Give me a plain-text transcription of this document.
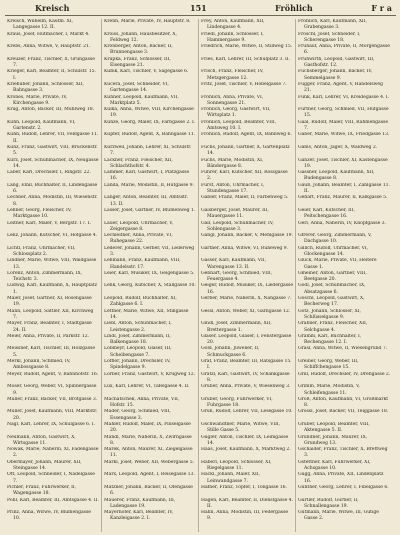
Kreisch	151	Fröhlich	F r a
Kreisch, Wilhelm, Kaufm. XI, Langegasse 12. II.
Kraus, Josef, Hutmacher, I, Markt 4.
Krebs, Anna, Witwe, V, Hauptstr. 21.
Kreuzer, Franz, Tischler, X, Grüngasse 7.
Krieger, Karl, Beamter, II, Schulstr. 15. I.
Kriehuber, Johann, Schlosser, XII, Bahngasse 3.
Krones, Marie, Private, IV, Kirchengasse 9.
Krug, Anton, Bäcker, III, Mühlweg 18.
Kühn, Leopold, Kaufmann, VI, Gartenstr. 2.
Kuhn, Rudolf, Lehrer, VII, Feldgasse 11. II.
Kunz, Franz, Gastwirt, VIII, Brückenstr. 5.
Kurz, Josef, Schuhmacher, IX, Neugasse 14.
Laber, Karl, Drechsler, I, Ringstr. 22.
Lang, Emil, Buchhalter, II, Lindengasse 6.
Lechner, Anna, Modistin, III, Wiesenstr. 8.
Lehner, Georg, Fleischer, IV, Marktgasse 10.
Leitner, Karl, Maler, V, Bergstr. 17. I.
Lenz, Johann, Kutscher, VI, Hofgasse 4.
Lichtl, Franz, Uhrmacher, VII, Schlossplatz 2.
Lindner, Marie, Witwe, VIII, Waldgasse 13.
Lorenz, Anton, Zimmermann, IX, Teichstr. 3.
Ludwig, Karl, Kaufmann, X, Hauptplatz 1.
Maier, Josef, Gärtner, XI, Rosengasse 19.
Mann, Leopold, Sattler, XII, Kirchweg 7.
Mayer, Franz, Beamter, I, Stadtgasse 24. II.
Meier, Anna, Private, II, Parkstr. 12.
Meissner, Karl, Tischler, III, Holzgasse 5.
Merkl, Johann, Schmied, IV, Ambossgasse 8.
Meyer, Rudolf, Agent, V, Bahnhofstr. 16.
Moser, Georg, Weber, VI, Spinnergasse 9.
Müller, Franz, Bäcker, VII, Brotgasse 3.
Müller, Josef, Kaufmann, VIII, Marktstr. 20.
Nagl, Karl, Lehrer, IX, Schulgasse 6. I.
Neumann, Anton, Gastwirt, X, Wirtsgasse 11.
Nowak, Marie, Näherin, XI, Fadengasse 2.
Obermayer, Johann, Maurer, XII, Steingasse 14.
Ott, Leopold, Schneider, I, Nadelgasse 7.
Pichler, Franz, Fuhrwerker, II, Wagengasse 18.
Pohl, Karl, Beamter, III, Amtsgasse 4. II.
Prinz, Anna, Witwe, IV, Blumengasse 10.
Krenn, Marie, Private, IV, Hauptstr. 8.
Kroiss, Johann, Hausbesitzer, X, Feldweg 12.
Kronberger, Anton, Bäcker, II, Brunnengasse 3.
Krupka, Franz, Schlosser, III, Eisengasse 21.
Kubik, Karl, Tischler, V, Sägegasse 6.
Kucera, Josef, Schneider, VI, Gartengasse 14.
Kuhner, Leopold, Kaufmann, VII, Marktplatz 5.
Kulka, Anna, Witwe, VIII, Kirchengasse 19.
Kunze, Georg, Maler, IX, Farbgasse 2. I.
Kupfer, Rudolf, Agent, X, Bahngasse 11.
Kurzweil, Johann, Lehrer, XI, Schulstr. 7.
Lackner, Franz, Fleischer, XII, Schlachthofstr. 4.
Lammer, Karl, Gastwirt, I, Platzgasse 16.
Landa, Marie, Modistin, II, Hutgasse 9.
Langer, Anton, Beamter, III, Amtsstr. 13. II.
Lasser, Josef, Gärtner, IV, Blumenweg 1.
Lauer, Leopold, Uhrmacher, V, Zeigergasse 8.
Lechleitner, Anna, Private, VI, Ruhegasse 22.
Lederer, Johann, Gerber, VII, Lederweg 3.
Lehmann, Franz, Kaufmann, VIII, Handelsstr. 17.
Leier, Karl, Musiker, IX, Geigengasse 5.
Lenk, Georg, Kutscher, X, Stallgasse 10.
Leopold, Rudolf, Buchhalter, XI, Zahlgasse 6. I.
Lettner, Marie, Witwe, XII, Stillgasse 14.
Liebl, Anton, Schuhmacher, I, Leistengasse 2.
Lindl, Josef, Zimmermann, II, Balkengasse 18.
Lobmeyr, Leopold, Glaser, III, Scheibengasse 7.
Löffler, Johann, Drechsler, IV, Spindelgasse 9.
Lorber, Franz, Gastwirt, V, Krugweg 12.
Lux, Karl, Lehrer, VI, Tafelgasse 4. II.
Machatschek, Anna, Private, VII, Hofstr. 15.
Mader, Georg, Schmied, VIII, Essengasse 3.
Mahler, Rudolf, Maler, IX, Pinselgasse 20.
Mandl, Marie, Näherin, X, Zwirngasse 8.
Marek, Anton, Maurer, XI, Ziegelgasse 11.
Markl, Josef, Weber, XII, Webergasse 5.
Marx, Leopold, Agent, I, Reisegasse 13.
Matzner, Johann, Bäcker, II, Ofengasse 6.
Mauerer, Franz, Kaufmann, III, Ladengasse 19.
Mayerhofer, Karl, Beamter, IV, Kanzleigasse 2. I.
Frey, Anton, Kaufmann, XII, Lindengasse 4.
Friedl, Johann, Schlosser, I, Hammergasse 9.
Friedrich, Marie, Witwe, II, Stillweg 15.
Fries, Karl, Lehrer, III, Schulplatz 3. II.
Frisch, Franz, Fleischer, IV, Metzgergasse 12.
Fritz, Josef, Tischler, V, Hobelgasse 7.
Fröhlich, Anna, Private, VI, Sonnengasse 21.
Fröhlich, Georg, Gastwirt, VII, Wirtsplatz 1.
Fröhlich, Leopold, Beamter, VIII, Amtsweg 10. I.
Fröhlich, Rudolf, Agent, IX, Bahnweg 6.
Fuchs, Johann, Gärtner, X, Gartenplatz 14.
Fuchs, Marie, Modistin, XI, Bändergasse 8.
Führer, Karl, Kutscher, XII, Rossgasse 2.
Fürst, Anton, Uhrmacher, I, Stundengasse 17.
Gabler, Franz, Maler, II, Farbenweg 5.
Gaisberger, Josef, Maurer, III, Mauergasse 11.
Gall, Leopold, Schuhmacher, IV, Sohlengasse 3.
Gangl, Johann, Bäcker, V, Mehlgasse 19.
Gartner, Anna, Witwe, VI, Ruheweg 9.
Gasser, Karl, Kaufmann, VII, Warengasse 13. II.
Gebhart, Georg, Schmied, VIII, Feuergasse 4.
Geiger, Rudolf, Musiker, IX, Liedergasse 16.
Gerber, Marie, Näherin, X, Nähgasse 7.
Gessl, Anton, Weber, XI, Garngasse 12.
Gindl, Josef, Zimmermann, XII, Brettergasse 1.
Glaser, Leopold, Glaser, I, Fenstergasse 20.
Gold, Johann, Juwelier, II, Schmuckgasse 6.
Graf, Franz, Beamter, III, Ratsgasse 15. I.
Gratzl, Karl, Gastwirt, IV, Schankgasse 8.
Gruber, Anna, Private, V, Wiesenweg 3.
Gruber, Georg, Fuhrwerker, VI, Fuhrgasse 18.
Grün, Rudolf, Lehrer, VII, Lesegasse 10.
Gschwandtner, Marie, Witwe, VIII, Stille Gasse 5.
Gugler, Anton, Tischler, IX, Leimgasse 14.
Haas, Josef, Kaufmann, X, Marktweg 2.
Haberl, Leopold, Schlosser, XI, Riegelgasse 11.
Hackl, Johann, Maler, XII, Leinwandgasse 7.
Hafner, Franz, Töpfer, I, Tongasse 16.
Hagen, Karl, Beamter, II, Dienstgasse 4. II.
Hahn, Anna, Modistin, III, Federgasse 9.
Fröhlich, Karl, Kaufmann, XII, Grabengasse 3.
Fröschl, Josef, Schneider, I, Scherengasse 18.
Frühauf, Anna, Private, II, Morgengasse 6.
Frühwirth, Leopold, Gastwirt, III, Gasthofstr. 12.
Fuchsberger, Johann, Bäcker, IV, Semmelgasse 9.
Fugger, Franz, Agent, V, Handelsweg 21.
Funk, Karl, Lehrer, VI, Kreidegasse 4. I.
Furtner, Georg, Schmied, VII, Hufgasse 15.
Gaal, Rudolf, Maler, VIII, Rahmengasse 7.
Gaber, Marie, Witwe, IX, Friedgasse 13.
Gams, Anton, Jäger, X, Waldweg 2.
Ganzer, Josef, Tischler, XI, Kastengasse 19.
Gassner, Leopold, Kaufmann, XII, Budengasse 8.
Gauß, Johann, Beamter, I, Zählgasse 11. II.
Gehart, Franz, Maurer, II, Kalkgasse 5.
Geier, Karl, Kutscher, III, Peitschengasse 16.
Gerl, Anna, Näherin, IV, Knopfgasse 3.
Gfrerer, Georg, Zimmermann, V, Dachgasse 10.
Gillich, Rudolf, Uhrmacher, VI, Glockengasse 14.
Glück, Marie, Private, VII, Heitere Gasse 1.
Gmeiner, Anton, Gärtner, VIII, Beetgasse 20.
Gödl, Josef, Schuhmacher, IX, Absatzgasse 6.
Göschl, Leopold, Gastwirt, X, Becherweg 17.
Götz, Johann, Schlosser, XI, Schlüsselgasse 9.
Grabner, Franz, Fleischer, XII, Selchgasse 4.
Gramm, Karl, Buchhalter, I, Rechengasse 12. I.
Grasl, Anna, Witwe, II, Wiesengrund 7.
Greiner, Georg, Weber, III, Schiffchengasse 15.
Grill, Rudolf, Drechsler, IV, Drehgasse 2.
Grimm, Marie, Modistin, V, Schleifengasse 11.
Groß, Anton, Kaufmann, VI, Großmarkt 8.
Grössl, Josef, Bäcker, VII, Teiggasse 18.
Gruber, Leopold, Beamter, VIII, Aktengasse 5. II.
Grundner, Johann, Maurer, IX, Grundweg 13.
Gschaider, Franz, Tischler, X, Brettweg 3.
Gstettner, Karl, Fuhrwerker, XI, Achsgasse 10.
Gugg, Anna, Private, XII, Lindenplatz 16.
Günther, Georg, Lehrer, I, Fibelgasse 6.
Gürtler, Rudolf, Gürtler, II, Schnallengasse 19.
Gutmann, Marie, Witwe, III, Gütige Gasse 2.
